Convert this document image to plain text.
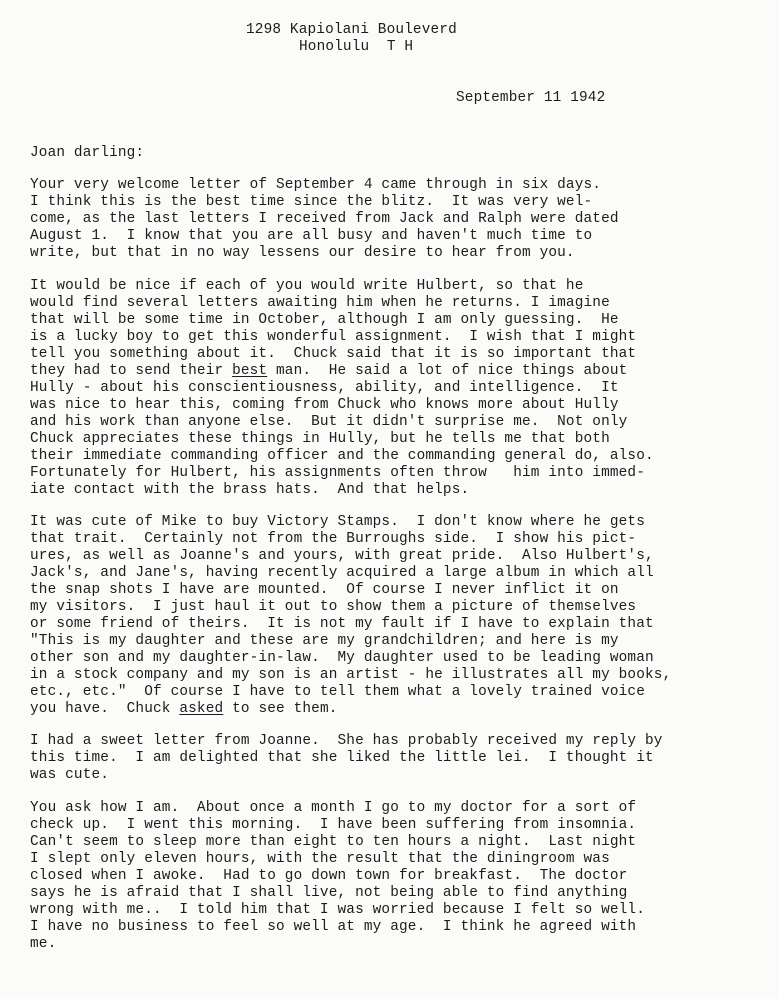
1298 Kapiolani Bouleverd
Honolulu  T H
September 11 1942
Joan darling:
Your very welcome letter of September 4 came through in six days.
I think this is the best time since the blitz.  It was very wel-
come, as the last letters I received from Jack and Ralph were dated
August 1.  I know that you are all busy and haven't much time to
write, but that in no way lessens our desire to hear from you.
It would be nice if each of you would write Hulbert, so that he
would find several letters awaiting him when he returns. I imagine
that will be some time in October, although I am only guessing.  He
is a lucky boy to get this wonderful assignment.  I wish that I might
tell you something about it.  Chuck said that it is so important that
they had to send their best man.  He said a lot of nice things about
Hully - about his conscientiousness, ability, and intelligence.  It
was nice to hear this, coming from Chuck who knows more about Hully
and his work than anyone else.  But it didn't surprise me.  Not only
Chuck appreciates these things in Hully, but he tells me that both
their immediate commanding officer and the commanding general do, also.
Fortunately for Hulbert, his assignments often throw   him into immed-
iate contact with the brass hats.  And that helps.
It was cute of Mike to buy Victory Stamps.  I don't know where he gets
that trait.  Certainly not from the Burroughs side.  I show his pict-
ures, as well as Joanne's and yours, with great pride.  Also Hulbert's,
Jack's, and Jane's, having recently acquired a large album in which all
the snap shots I have are mounted.  Of course I never inflict it on
my visitors.  I just haul it out to show them a picture of themselves
or some friend of theirs.  It is not my fault if I have to explain that
"This is my daughter and these are my grandchildren; and here is my
other son and my daughter-in-law.  My daughter used to be leading woman
in a stock company and my son is an artist - he illustrates all my books,
etc., etc."  Of course I have to tell them what a lovely trained voice
you have.  Chuck asked to see them.
I had a sweet letter from Joanne.  She has probably received my reply by
this time.  I am delighted that she liked the little lei.  I thought it
was cute.
You ask how I am.  About once a month I go to my doctor for a sort of
check up.  I went this morning.  I have been suffering from insomnia.
Can't seem to sleep more than eight to ten hours a night.  Last night
I slept only eleven hours, with the result that the diningroom was
closed when I awoke.  Had to go down town for breakfast.  The doctor
says he is afraid that I shall live, not being able to find anything
wrong with me..  I told him that I was worried because I felt so well.
I have no business to feel so well at my age.  I think he agreed with
me.
